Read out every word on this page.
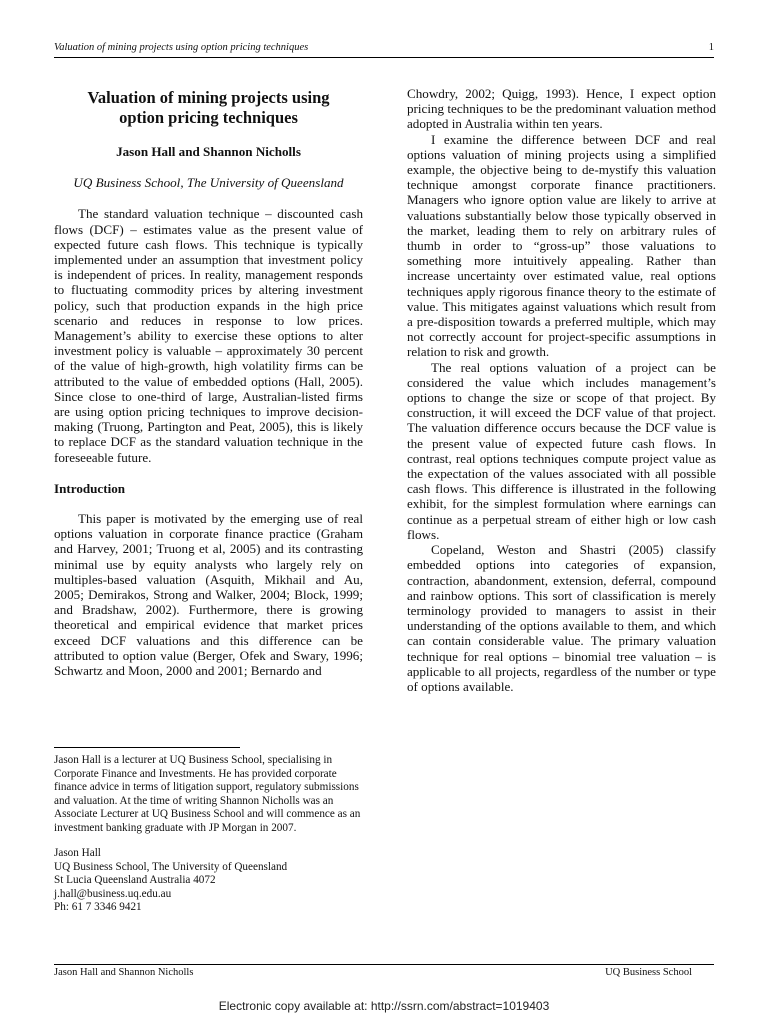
Valuation of mining projects using option pricing techniques	1
Valuation of mining projects using
option pricing techniques
Jason Hall and Shannon Nicholls
UQ Business School, The University of Queensland

The standard valuation technique – discounted cash flows (DCF) – estimates value as the present value of expected future cash flows. This technique is typically implemented under an assumption that investment policy is independent of prices. In reality, management responds to fluctuating commodity prices by altering investment policy, such that production expands in the high price scenario and reduces in response to low prices. Management’s ability to exercise these options to alter investment policy is valuable – approximately 30 percent of the value of high-growth, high volatility firms can be attributed to the value of embedded options (Hall, 2005). Since close to one-third of large, Australian-listed firms are using option pricing techniques to improve decision-making (Truong, Partington and Peat, 2005), this is likely to replace DCF as the standard valuation technique in the foreseeable future.

Introduction

This paper is motivated by the emerging use of real options valuation in corporate finance practice (Graham and Harvey, 2001; Truong et al, 2005) and its contrasting minimal use by equity analysts who largely rely on multiples-based valuation (Asquith, Mikhail and Au, 2005; Demirakos, Strong and Walker, 2004; Block, 1999; and Bradshaw, 2002). Furthermore, there is growing theoretical and empirical evidence that market prices exceed DCF valuations and this difference can be attributed to option value (Berger, Ofek and Swary, 1996; Schwartz and Moon, 2000 and 2001; Bernardo and

Chowdry, 2002; Quigg, 1993). Hence, I expect option pricing techniques to be the predominant valuation method adopted in Australia within ten years.

I examine the difference between DCF and real options valuation of mining projects using a simplified example, the objective being to de-mystify this valuation technique amongst corporate finance practitioners. Managers who ignore option value are likely to arrive at valuations substantially below those typically observed in the market, leading them to rely on arbitrary rules of thumb in order to “gross-up” those valuations to something more intuitively appealing. Rather than increase uncertainty over estimated value, real options techniques apply rigorous finance theory to the estimate of value. This mitigates against valuations which result from a pre-disposition towards a preferred multiple, which may not correctly account for project-specific assumptions in relation to risk and growth.

The real options valuation of a project can be considered the value which includes management’s options to change the size or scope of that project. By construction, it will exceed the DCF value of that project. The valuation difference occurs because the DCF value is the present value of expected future cash flows. In contrast, real options techniques compute project value as the expectation of the values associated with all possible cash flows. This difference is illustrated in the following exhibit, for the simplest formulation where earnings can continue as a perpetual stream of either high or low cash flows.

Copeland, Weston and Shastri (2005) classify embedded options into categories of expansion, contraction, abandonment, extension, deferral, compound and rainbow options. This sort of classification is merely terminology provided to managers to assist in their understanding of the options available to them, and which can contain considerable value. The primary valuation technique for real options – binomial tree valuation – is applicable to all projects, regardless of the number or type of options available.

Jason Hall is a lecturer at UQ Business School, specialising in Corporate Finance and Investments. He has provided corporate finance advice in terms of litigation support, regulatory submissions and valuation. At the time of writing Shannon Nicholls was an Associate Lecturer at UQ Business School and will commence as an investment banking graduate with JP Morgan in 2007.

Jason Hall
UQ Business School, The University of Queensland
St Lucia Queensland Australia 4072
j.hall@business.uq.edu.au
Ph: 61 7 3346 9421
Jason Hall and Shannon Nicholls	UQ Business School
Electronic copy available at: http://ssrn.com/abstract=1019403
